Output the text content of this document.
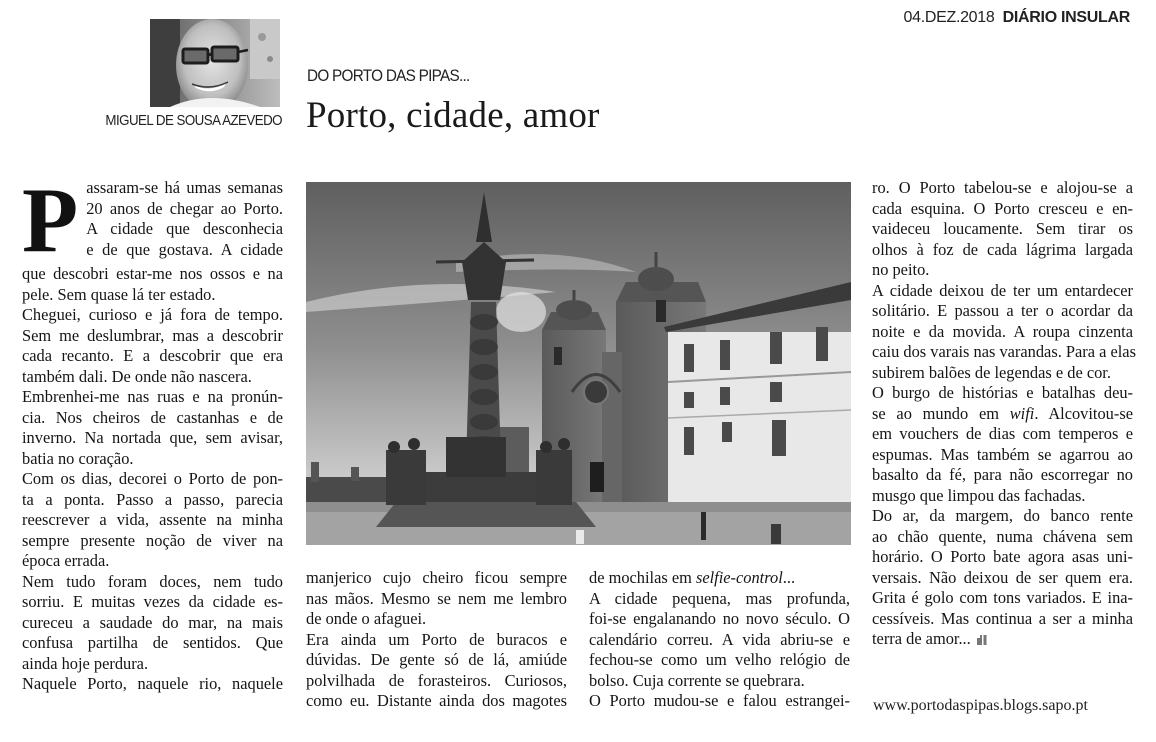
04.DEZ.2018 DIÁRIO INSULAR
MIGUEL DE SOUSA AZEVEDO
DO PORTO DAS PIPAS...
Porto, cidade, amor
P assaram-se há umas semanas
20 anos de chegar ao Porto.
A cidade que desconhecia
e de que gostava. A cidade
que descobri estar-me nos ossos e na
pele. Sem quase lá ter estado.
Cheguei, curioso e já fora de tempo.
Sem me deslumbrar, mas a descobrir
cada recanto. E a descobrir que era
também dali. De onde não nascera.
Embrenhei-me nas ruas e na pronún-
cia. Nos cheiros de castanhas e de
inverno. Na nortada que, sem avisar,
batia no coração.
Com os dias, decorei o Porto de pon-
ta a ponta. Passo a passo, parecia
reescrever a vida, assente na minha
sempre presente noção de viver na
época errada.
Nem tudo foram doces, nem tudo
sorriu. E muitas vezes da cidade es-
cureceu a saudade do mar, na mais
confusa partilha de sentidos. Que
ainda hoje perdura.
Naquele Porto, naquele rio, naquele
manjerico cujo cheiro ficou sempre
nas mãos. Mesmo se nem me lembro
de onde o afaguei.
Era ainda um Porto de buracos e
dúvidas. De gente só de lá, amiúde
polvilhada de forasteiros. Curiosos,
como eu. Distante ainda dos magotes
de mochilas em selfie-control...
A cidade pequena, mas profunda,
foi-se engalanando no novo século. O
calendário correu. A vida abriu-se e
fechou-se como um velho relógio de
bolso. Cuja corrente se quebrara.
O Porto mudou-se e falou estrangei-
ro. O Porto tabelou-se e alojou-se a
cada esquina. O Porto cresceu e en-
vaideceu loucamente. Sem tirar os
olhos à foz de cada lágrima largada
no peito.
A cidade deixou de ter um entardecer
solitário. E passou a ter o acordar da
noite e da movida. A roupa cinzenta
caiu dos varais nas varandas. Para a elas
subirem balões de legendas e de cor.
O burgo de histórias e batalhas deu-
se ao mundo em wifi. Alcovitou-se
em vouchers de dias com temperos e
espumas. Mas também se agarrou ao
basalto da fé, para não escorregar no
musgo que limpou das fachadas.
Do ar, da margem, do banco rente
ao chão quente, numa chávena sem
horário. O Porto bate agora asas uni-
versais. Não deixou de ser quem era.
Grita é golo com tons variados. E ina-
cessíveis. Mas continua a ser a minha
terra de amor...
www.portodaspipas.blogs.sapo.pt
